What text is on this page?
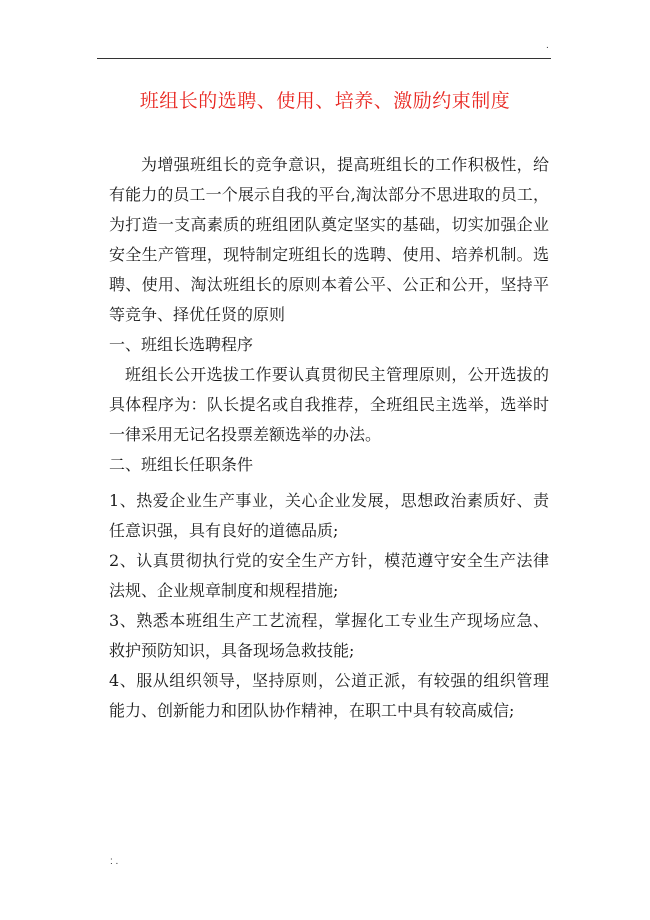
.
班组长的选聘、使用、培养、激励约束制度

为增强班组长的竞争意识，提高班组长的工作积极性，给有能力的员工一个展示自我的平台,淘汰部分不思进取的员工，为打造一支高素质的班组团队奠定坚实的基础，切实加强企业安全生产管理，现特制定班组长的选聘、使用、培养机制。选聘、使用、淘汰班组长的原则本着公平、公正和公开，坚持平等竞争、择优任贤的原则

一、班组长选聘程序

班组长公开选拔工作要认真贯彻民主管理原则，公开选拔的具体程序为：队长提名或自我推荐，全班组民主选举，选举时一律采用无记名投票差额选举的办法。

二、班组长任职条件

1、热爱企业生产事业，关心企业发展，思想政治素质好、责任意识强，具有良好的道德品质;

2、认真贯彻执行党的安全生产方针，模范遵守安全生产法律法规、企业规章制度和规程措施;

3、熟悉本班组生产工艺流程，掌握化工专业生产现场应急、救护预防知识，具备现场急救技能;

4、服从组织领导，坚持原则，公道正派，有较强的组织管理能力、创新能力和团队协作精神，在职工中具有较高威信;

: .
